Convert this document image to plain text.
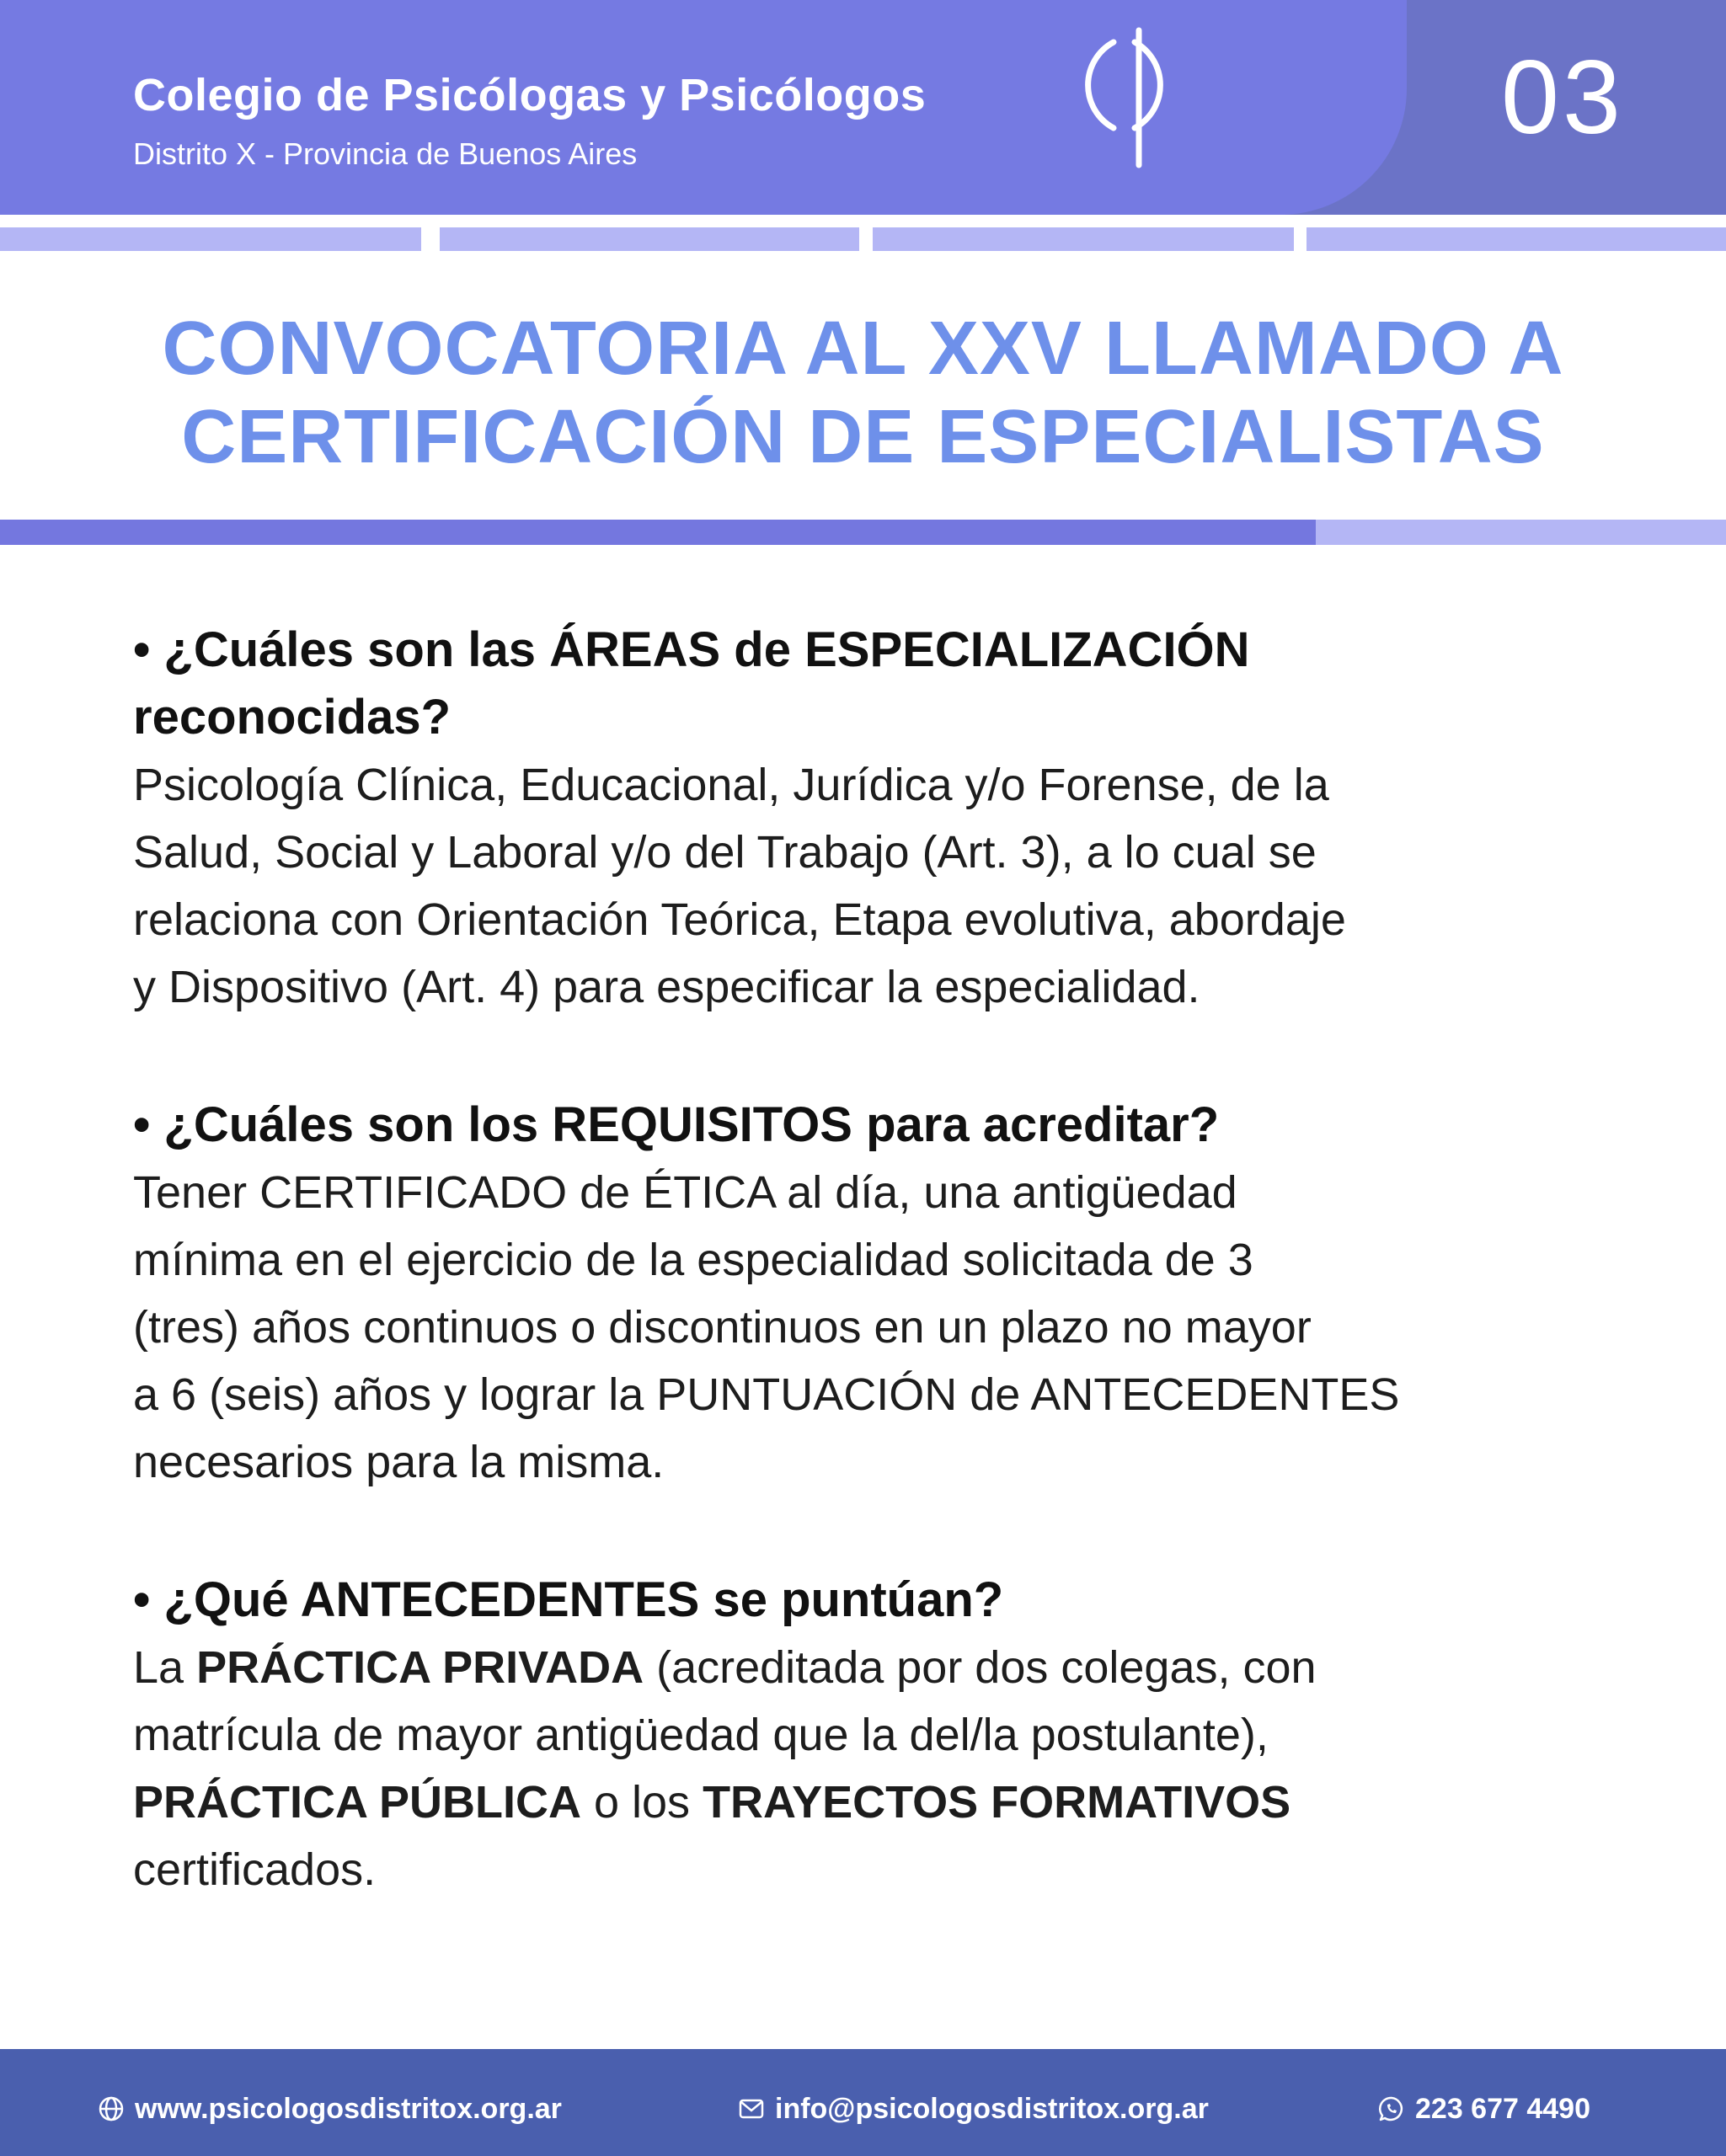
Colegio de Psicólogas y Psicólogos
Distrito X - Provincia de Buenos Aires	03
CONVOCATORIA AL XXV LLAMADO A
CERTIFICACIÓN DE ESPECIALISTAS
• ¿Cuáles son las ÁREAS de ESPECIALIZACIÓN
reconocidas?
Psicología Clínica, Educacional, Jurídica y/o Forense, de la
Salud, Social y Laboral y/o del Trabajo (Art. 3), a lo cual se
relaciona con Orientación Teórica, Etapa evolutiva, abordaje
y Dispositivo (Art. 4) para especificar la especialidad.
• ¿Cuáles son los REQUISITOS para acreditar?
Tener CERTIFICADO de ÉTICA al día, una antigüedad
mínima en el ejercicio de la especialidad solicitada de 3
(tres) años continuos o discontinuos en un plazo no mayor
a 6 (seis) años y lograr la PUNTUACIÓN de ANTECEDENTES
necesarios para la misma.
• ¿Qué ANTECEDENTES se puntúan?
La PRÁCTICA PRIVADA (acreditada por dos colegas, con
matrícula de mayor antigüedad que la del/la postulante),
PRÁCTICA PÚBLICA o los TRAYECTOS FORMATIVOS
certificados.
www.psicologosdistritox.org.ar	info@psicologosdistritox.org.ar	223 677 4490
